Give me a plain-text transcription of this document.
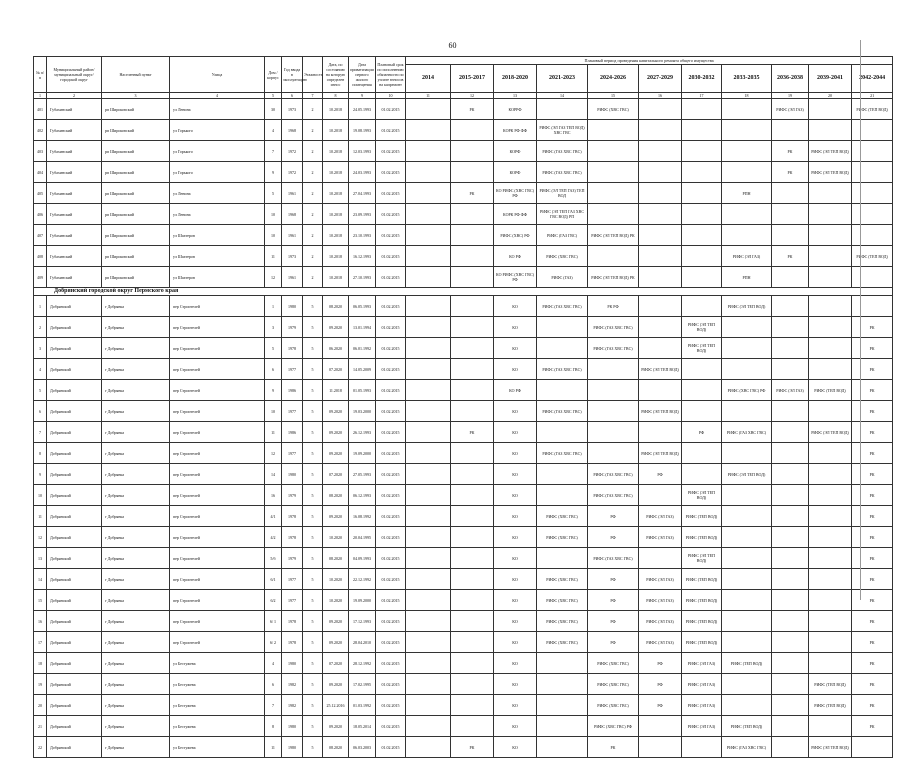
60
№ п/п	Муниципальный район/муниципальный округ/ городской округ	Населенный пункт	Улица	Дом / корпус	Год ввода в эксплуатацию	Этажность	Дата, по состоянию на которую определен износ	Дата приватизации первого жилого помещения	Плановый срок по исполнению обязанности по уплате взносов на капремонт	Плановый период проведения капитального ремонта общего имущества										
										2014	2015-2017	2018-2020	2021-2023	2024-2026	2027-2029	2030-2032	2033-2035	2036-2038	2039-2041	2042-2044
1	2	3	4	5	6	7	8	9	10	11	12	13	14	15	16	17	18	19	20	21
401	Губахинский	рп Широковский	ул Ленина	30	1973	2	10.2018	24.05.1993	01.02.2015		РК	КОРРФ		РИФС (ХВС ГВС)				РИФС (ЭЛ ГАЗ)		РИФС (ТЕП ВОД)
402	Губахинский	рп Широковский	ул Горького	4	1968	2	10.2018	19.08.1993	01.02.2015			КОРК РФ ФФ	РИФС (ЭЛ ГАЗ ТЕП ВОД) ХВС ГВС							
403	Губахинский	рп Широковский	ул Горького	7	1972	2	10.2018	12.03.1993	01.02.2015			КОРФ	РИФС (ГАЗ ХВС ГВС)					РК	РИФС (ЭЛ ТЕП ВОД)	
404	Губахинский	рп Широковский	ул Горького	9	1972	2	10.2018	24.03.1993	01.02.2015			КОРФ	РИФС (ГАЗ ХВС ГВС)					РК	РИФС (ЭЛ ТЕП ВОД)	
405	Губахинский	рп Широковский	ул Ленина	5	1961	2	10.2018	27.04.1993	01.02.2015		РК	КО РИФС (ХВС ГВС) РФ	РИФС (ЭЛ ТЕП ГАЗ) ТЕП ВОД				РПН			
406	Губахинский	рп Широковский	ул Ленина	10	1968	2	10.2018	23.09.1993	01.02.2015			КОРК РФ ФФ	РИФС (ЭЛ ТЕП ГАЗ ХВС ГВС ВОД) РП							
407	Губахинский	рп Широковский	ул Шахтеров	10	1961	2	10.2018	23.10.1993	01.02.2015			РИФС (ХВС) РФ	РИФС (ГАЗ ГВС)	РИФС (ЭЛ ТЕП ВОД) РК						
408	Губахинский	рп Широковский	ул Шахтеров	11	1973	2	10.2018	16.12.1993	01.02.2015			КО РФ	РИФС (ХВС ГВС)				РИФС (ЭЛ ГАЗ)	РК		РИФС (ТЕП ВОД)
409	Губахинский	рп Широковский	ул Шахтеров	12	1961	2	10.2018	27.10.1993	01.02.2015			КО РИФС (ХВС ГВС) РФ	РИФС (ГАЗ)	РИФС (ЭЛ ТЕП ВОД) РК			РПН			
Добрянский городской округ Пермского края																				
1	Добрянский	г Добрянка	пер Строителей	1	1980	5	08.2020	06.05.1993	01.02.2015			КО	РИФС (ГАЗ ХВС ГВС)	РК РФ			РИФС (ЭЛ ТЕП ВОД)			
2	Добрянский	г Добрянка	пер Строителей	3	1979	5	09.2020	13.01.1994	01.02.2015			КО		РИФС (ГАЗ ХВС ГВС)		РИФС (ЭЛ ТЕП ВОД)				РК
3	Добрянский	г Добрянка	пер Строителей	5	1978	5	06.2020	06.01.1992	01.02.2015			КО		РИФС (ГАЗ ХВС ГВС)		РИФС (ЭЛ ТЕП ВОД)				РК
4	Добрянский	г Добрянка	пер Строителей	6	1977	5	07.2020	14.05.2009	01.02.2015			КО	РИФС (ГАЗ ХВС ГВС)		РИФС (ЭЛ ТЕП ВОД)					РК
5	Добрянский	г Добрянка	пер Строителей	9	1986	5	11.2018	01.05.1993	01.02.2015			КО РФ					РИФС (ХВС ГВС) РФ	РИФС (ЭЛ ГАЗ)	РИФС (ТЕП ВОД)	РК
6	Добрянский	г Добрянка	пер Строителей	10	1977	5	09.2020	19.03.2000	01.02.2015			КО	РИФС (ГАЗ ХВС ГВС)		РИФС (ЭЛ ТЕП ВОД)					РК
7	Добрянский	г Добрянка	пер Строителей	11	1986	5	09.2020	26.12.1993	01.02.2015		РК	КО				РФ	РИФС (ГАЗ ХВС ГВС)		РИФС (ЭЛ ТЕП ВОД)	РК
8	Добрянский	г Добрянка	пер Строителей	12	1977	5	09.2020	19.09.2000	01.02.2015			КО	РИФС (ГАЗ ХВС ГВС)		РИФС (ЭЛ ТЕП ВОД)					РК
9	Добрянский	г Добрянка	пер Строителей	14	1980	5	07.2020	27.05.1993	01.02.2015			КО		РИФС (ГАЗ ХВС ГВС)	РФ		РИФС (ЭЛ ТЕП ВОД)			РК
10	Добрянский	г Добрянка	пер Строителей	16	1979	5	08.2020	06.12.1993	01.02.2015			КО		РИФС (ГАЗ ХВС ГВС)		РИФС (ЭЛ ТЕП ВОД)				РК
11	Добрянский	г Добрянка	пер Строителей	4/1	1978	5	09.2020	16.08.1992	01.02.2015			КО	РИФС (ХВС ГВС)	РФ	РИФС (ЭЛ ГАЗ)	РИФС (ТЕП ВОД)				РК
12	Добрянский	г Добрянка	пер Строителей	4/2	1978	5	10.2020	20.04.1995	01.02.2015			КО	РИФС (ХВС ГВС)	РФ	РИФС (ЭЛ ГАЗ)	РИФС (ТЕП ВОД)				РК
13	Добрянский	г Добрянка	пер Строителей	5/б	1979	5	08.2020	04.09.1993	01.02.2015			КО		РИФС (ГАЗ ХВС ГВС)		РИФС (ЭЛ ТЕП ВОД)				РК
14	Добрянский	г Добрянка	пер Строителей	6/1	1977	5	10.2020	22.12.1992	01.02.2015			КО	РИФС (ХВС ГВС)	РФ	РИФС (ЭЛ ГАЗ)	РИФС (ТЕП ВОД)				РК
15	Добрянский	г Добрянка	пер Строителей	6/2	1977	5	10.2020	19.09.2000	01.02.2015			КО	РИФС (ХВС ГВС)	РФ	РИФС (ЭЛ ГАЗ)	РИФС (ТЕП ВОД)				РК
16	Добрянский	г Добрянка	пер Строителей	6/ 1	1978	5	09.2020	17.12.1993	01.02.2015			КО	РИФС (ХВС ГВС)	РФ	РИФС (ЭЛ ГАЗ)	РИФС (ТЕП ВОД)				РК
17	Добрянский	г Добрянка	пер Строителей	6/ 2	1978	5	09.2020	28.04.2010	01.02.2015			КО	РИФС (ХВС ГВС)	РФ	РИФС (ЭЛ ГАЗ)	РИФС (ТЕП ВОД)				РК
18	Добрянский	г Добрянка	ул Бестужева	4	1980	5	07.2020	28.12.1992	01.02.2015			КО		РИФС (ХВС ГВС)	РФ	РИФС (ЭЛ ГАЗ)	РИФС (ТЕП ВОД)			РК
19	Добрянский	г Добрянка	ул Бестужева	6	1982	5	09.2020	17.02.1995	01.02.2015			КО		РИФС (ХВС ГВС)	РФ	РИФС (ЭЛ ГАЗ)			РИФС (ТЕП ВОД)	РК
20	Добрянский	г Добрянка	ул Бестужева	7	1982	5	25.12.2016	01.03.1992	01.02.2015			КО		РИФС (ХВС ГВС)	РФ	РИФС (ЭЛ ГАЗ)			РИФС (ТЕП ВОД)	РК
21	Добрянский	г Добрянка	ул Бестужева	8	1980	5	09.2020	18.05.2014	01.02.2015			КО		РИФС (ХВС ГВС) РФ		РИФС (ЭЛ ГАЗ)	РИФС (ТЕП ВОД)			РК
22	Добрянский	г Добрянка	ул Бестужева	11	1980	5	08.2020	06.03.2003	01.02.2015		РК	КО		РК			РИФС (ГАЗ ХВС ГВС)		РИФС (ЭЛ ТЕП ВОД)	
